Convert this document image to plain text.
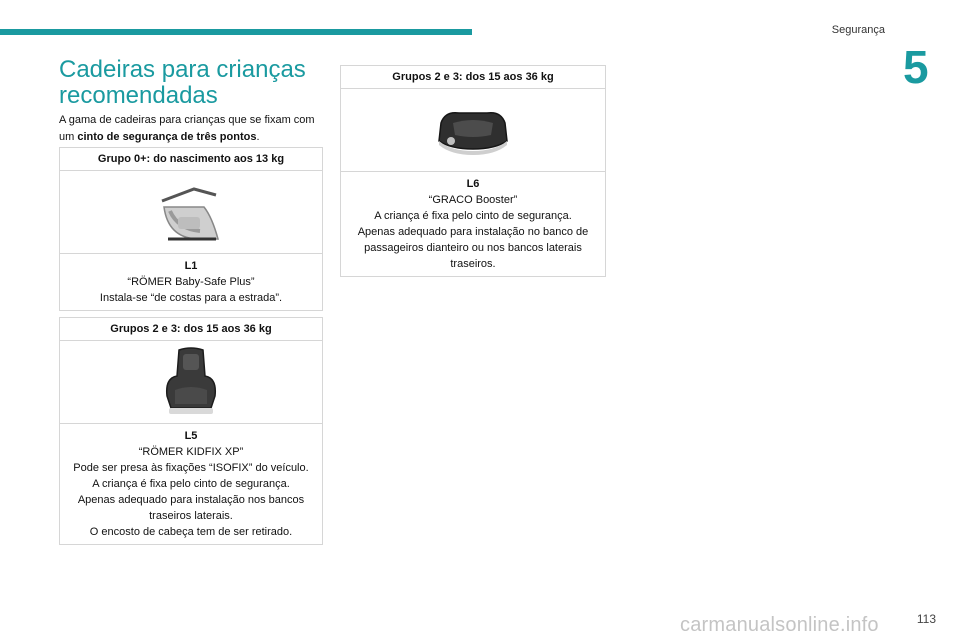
Segurança
5
Cadeiras para crianças recomendadas

A gama de cadeiras para crianças que se fixam com um cinto de segurança de três pontos.

Grupo 0+: do nascimento aos 13 kg
L1
“RÖMER Baby-Safe Plus”
Instala-se “de costas para a estrada”.
Grupos 2 e 3: dos 15 aos 36 kg
L5
“RÖMER KIDFIX XP”
Pode ser presa às fixações “ISOFIX” do veículo.
A criança é fixa pelo cinto de segurança.
Apenas adequado para instalação nos bancos traseiros laterais.
O encosto de cabeça tem de ser retirado.
Grupos 2 e 3: dos 15 aos 36 kg
L6
“GRACO Booster”
A criança é fixa pelo cinto de segurança.
Apenas adequado para instalação no banco de passageiros dianteiro ou nos bancos laterais traseiros.
carmanualsonline.info	113
